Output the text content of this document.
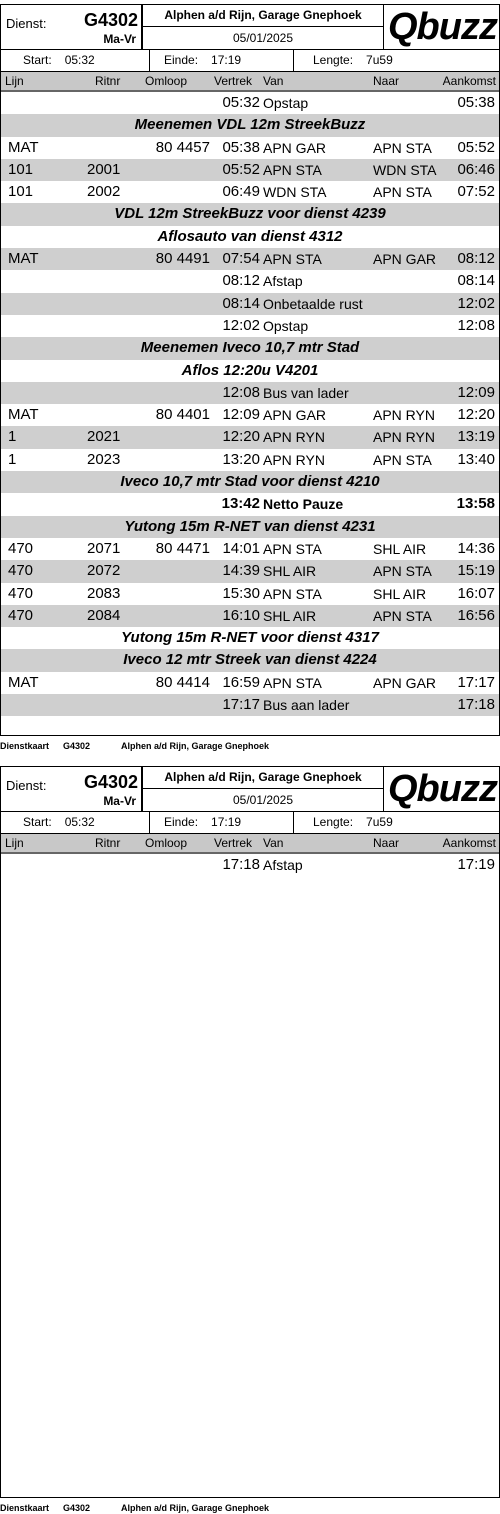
Dienst: G4302
Ma-Vr
Alphen a/d Rijn, Garage Gnephoek
05/01/2025	Qbuzz
Start: 05:32	Einde: 17:19	Lengte: 7u59
Lijn	Ritnr Omloop Vertrek Van	Naar	Aankomst
05:32 Opstap	05:38
Meenemen VDL 12m StreekBuzz
MAT	80 4457 05:38 APN GAR	APN STA 05:52
101	2001	05:52 APN STA	WDN STA 06:46
101	2002	06:49 WDN STA	APN STA 07:52
VDL 12m StreekBuzz voor dienst 4239
Aflosauto van dienst 4312
MAT	80 4491 07:54 APN STA	APN GAR 08:12
08:12 Afstap	08:14
08:14 Onbetaalde rust	12:02
12:02 Opstap	12:08
Meenemen Iveco 10,7 mtr Stad
Aflos 12:20u V4201
12:08 Bus van lader	12:09
MAT	80 4401 12:09 APN GAR	APN RYN 12:20
1	2021	12:20 APN RYN	APN RYN 13:19
1	2023	13:20 APN RYN	APN STA 13:40
Iveco 10,7 mtr Stad voor dienst 4210
13:42 Netto Pauze	13:58
Yutong 15m R-NET van dienst 4231
470	2071 80 4471 14:01 APN STA	SHL AIR 14:36
470	2072	14:39 SHL AIR	APN STA 15:19
470	2083	15:30 APN STA	SHL AIR 16:07
470	2084	16:10 SHL AIR	APN STA 16:56
Yutong 15m R-NET voor dienst 4317
Iveco 12 mtr Streek van dienst 4224
MAT	80 4414 16:59 APN STA	APN GAR 17:17
17:17 Bus aan lader	17:18
Dienstkaart G4302	Alphen a/d Rijn, Garage Gnephoek
Dienst: G4302
Ma-Vr
Alphen a/d Rijn, Garage Gnephoek
05/01/2025	Qbuzz
Start: 05:32	Einde: 17:19	Lengte: 7u59
Lijn	Ritnr Omloop Vertrek Van	Naar	Aankomst
17:18 Afstap	17:19
Dienstkaart G4302	Alphen a/d Rijn, Garage Gnephoek
